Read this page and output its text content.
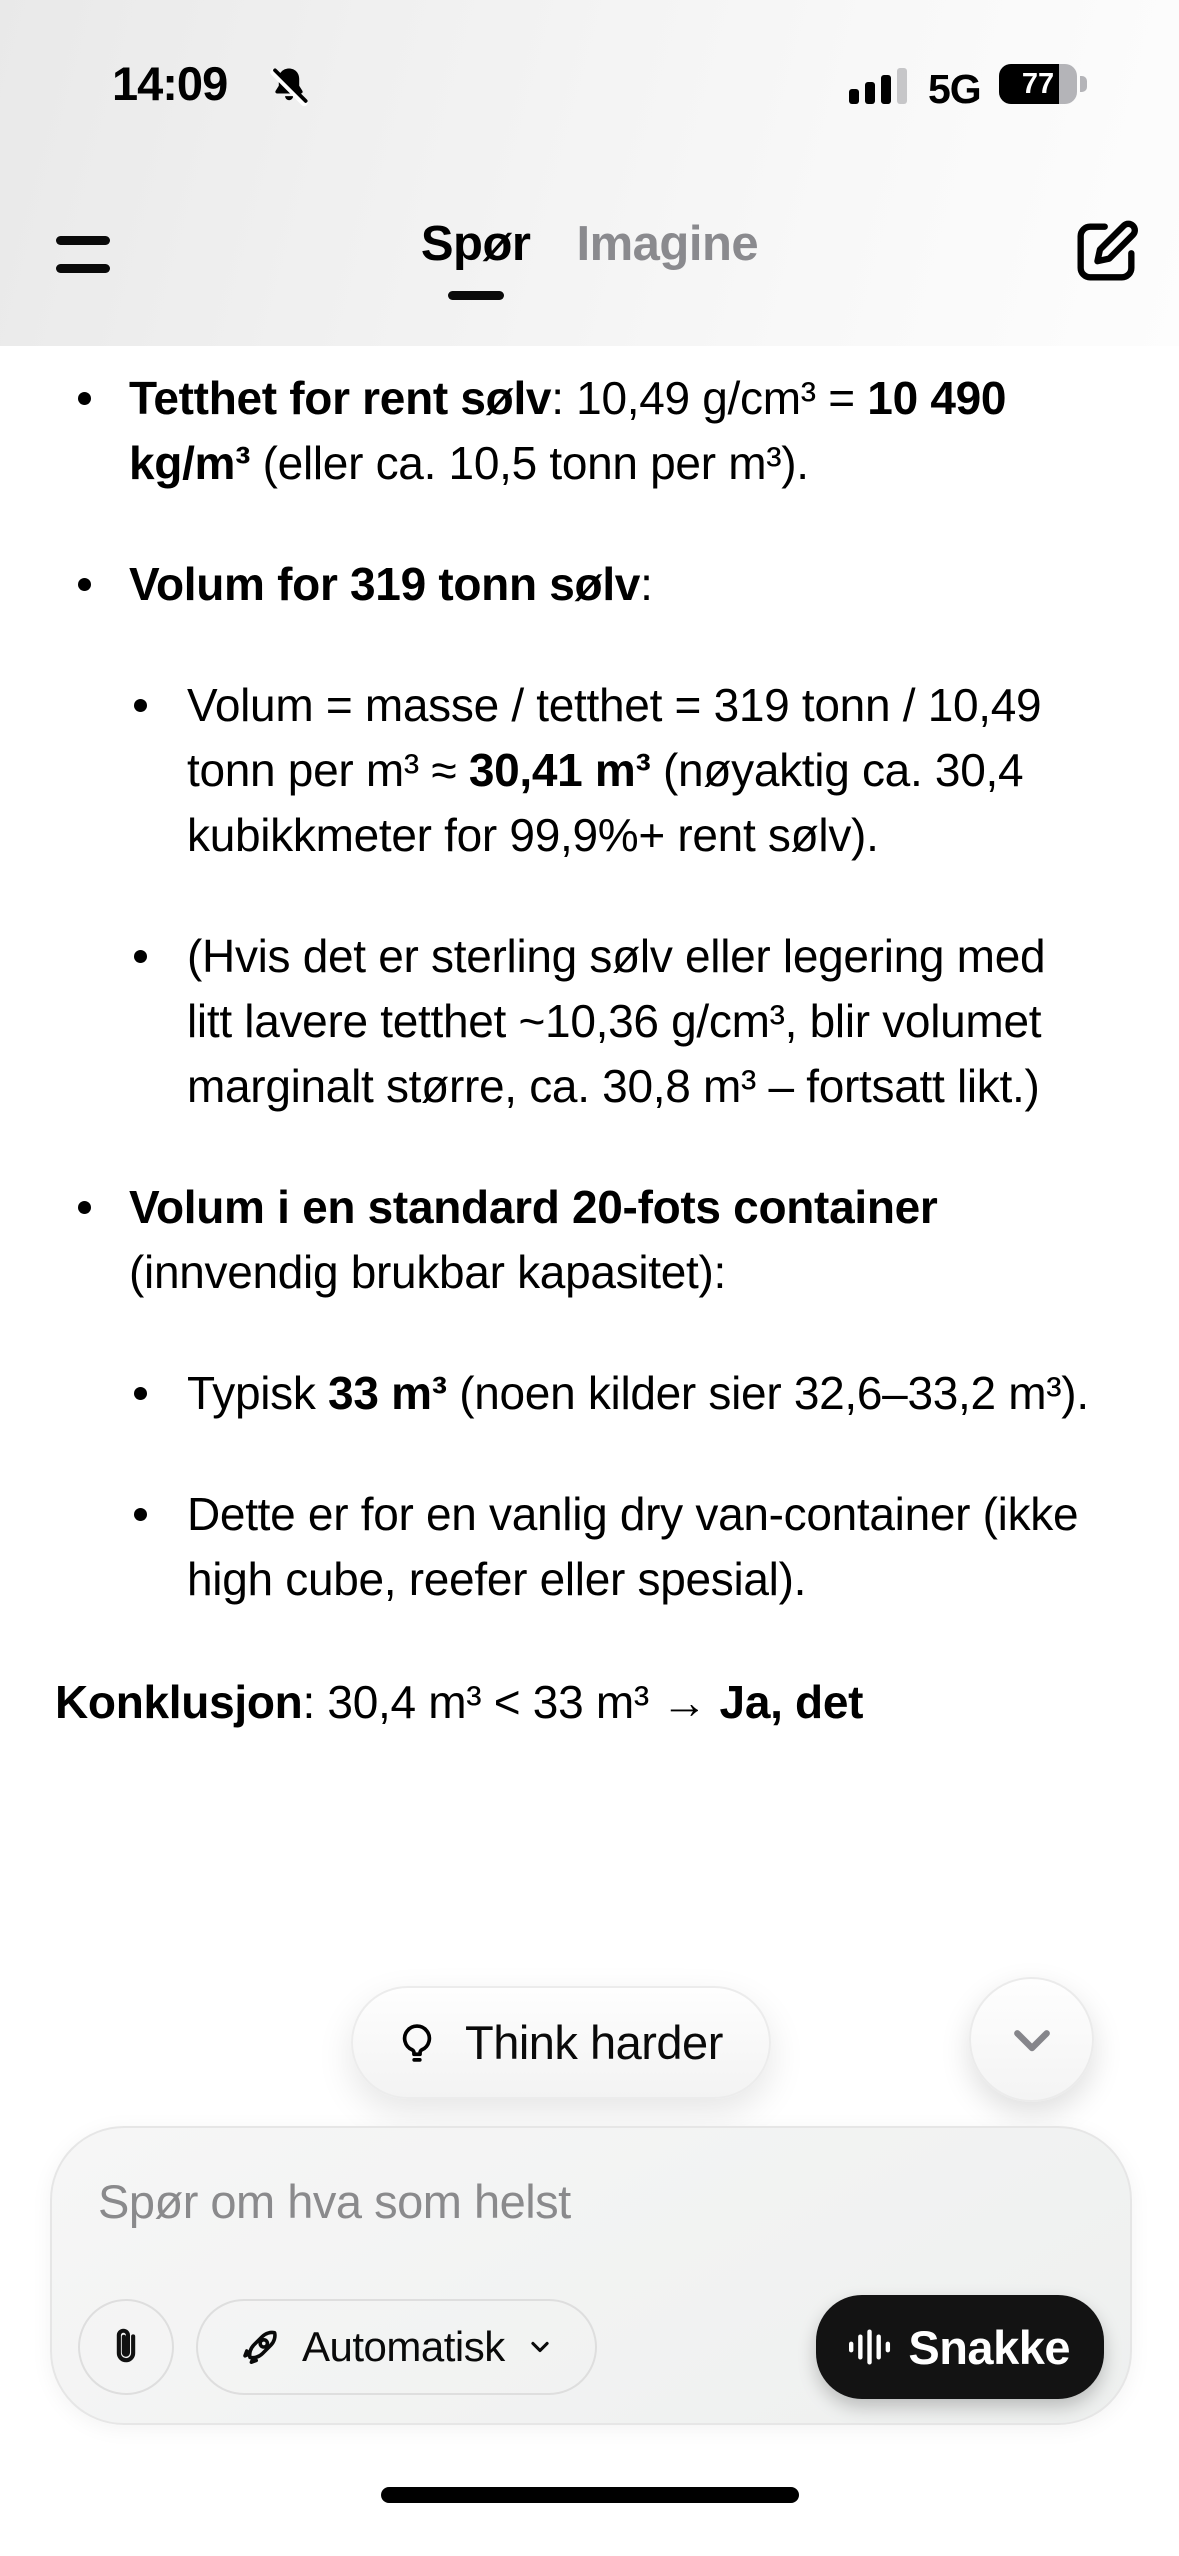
14:09	5G	77
Spør Imagine
Tetthet for rent sølv: 10,49 g/cm³ = 10 490 kg/m³ (eller ca. 10,5 tonn per m³).
Volum for 319 tonn sølv:
Volum = masse / tetthet = 319 tonn / 10,49 tonn per m³ ≈ 30,41 m³ (nøyaktig ca. 30,4 kubikkmeter for 99,9%+ rent sølv).
(Hvis det er sterling sølv eller legering med litt lavere tetthet ~10,36 g/cm³, blir volumet marginalt større, ca. 30,8 m³ – fortsatt likt.)
Volum i en standard 20-fots container (innvendig brukbar kapasitet):
Typisk 33 m³ (noen kilder sier 32,6–33,2 m³).
Dette er for en vanlig dry van-container (ikke high cube, reefer eller spesial).
Konklusjon: 30,4 m³ < 33 m³ → Ja, det
Think harder
Spør om hva som helst
Automatisk	Snakke
